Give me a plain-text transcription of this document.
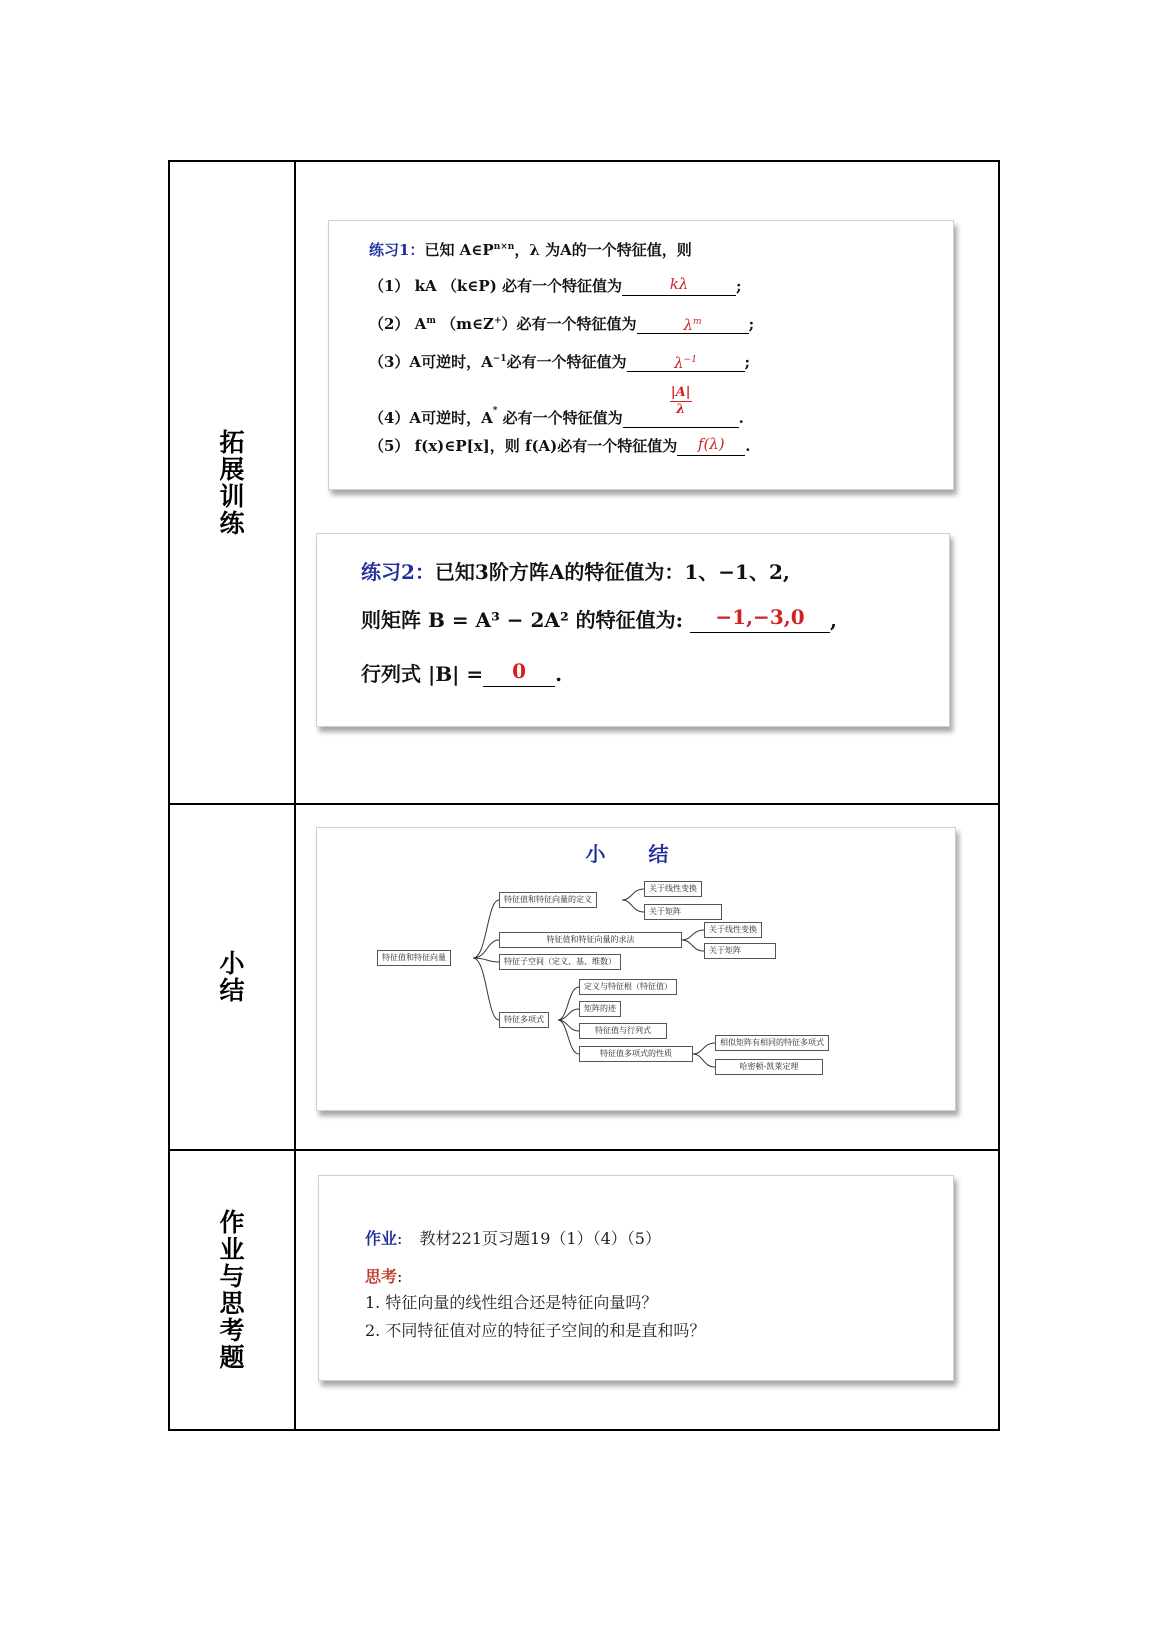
拓展训练
小结
作业与思考题
练习1：已知 $A\in P^{n\times n}$，λ 为A的一个特征值，则
（1） kA （k∈P) 必有一个特征值为	kλ	;
（2） $A^m$ （m∈Z+）必有一个特征值为	$\lambda^m$	;
（3）A可逆时，$A^{-1}$必有一个特征值为	$\lambda^{-1}$	;
（4）A可逆时，A* 必有一个特征值为
$\frac{|A|}{\lambda}$
.
（5） f(x)∈P[x]，则 f(A)必有一个特征值为 f(λ) .
练习2：已知3阶方阵A的特征值为：1、−1、2,
则矩阵 B = A³ − 2A² 的特征值为: −1,−3,0 ,
行列式 |B| = 0 .
小 结
特征值和特征向量
特征值和特征向量的定义
关于线性变换
关于矩阵
特征值和特征向量的求法
关于线性变换
关于矩阵
特征子空间（定义、基、维数）
特征多项式
定义与特征根（特征值）
矩阵的迹
特征值与行列式
特征值多项式的性质
相似矩阵有相同的特征多项式
哈密顿-凯莱定理
作业: 教材221页习题19（1）（4）（5）
思考:
1. 特征向量的线性组合还是特征向量吗？
2. 不同特征值对应的特征子空间的和是直和吗？
